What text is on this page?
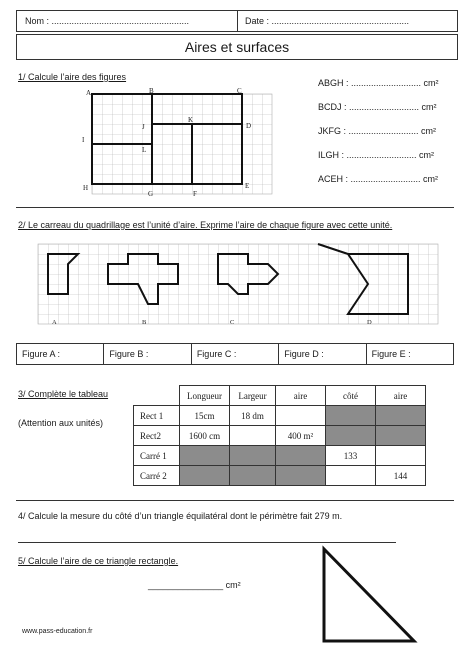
Nom : .......................................................	Date : .......................................................
Aires et surfaces
1/ Calcule l’aire des figures
A	B	C
D
E
F
G
H
I
J
K
L
ABGH : ............................ cm²
BCDJ : ............................ cm²
JKFG : ............................ cm²
ILGH : ............................ cm²
ACEH : ............................ cm²
2/ Le carreau du quadrillage est l’unité d’aire. Exprime l’aire de chaque figure avec cette unité.
A	B	C	D
Figure A :	Figure B :	Figure C :	Figure D :	Figure E :
3/ Complète le tableau
(Attention aux unités)
	Longueur	Largeur	aire	côté	aire
Rect 1	15cm	18 dm			
Rect2	1600 cm		400 m²		
Carré 1				133	
Carré 2					144
4/ Calcule la mesure du côté d’un triangle équilatéral dont le périmètre fait 279 m.
5/ Calcule l’aire de ce triangle rectangle.
_______________ cm²
www.pass-education.fr
